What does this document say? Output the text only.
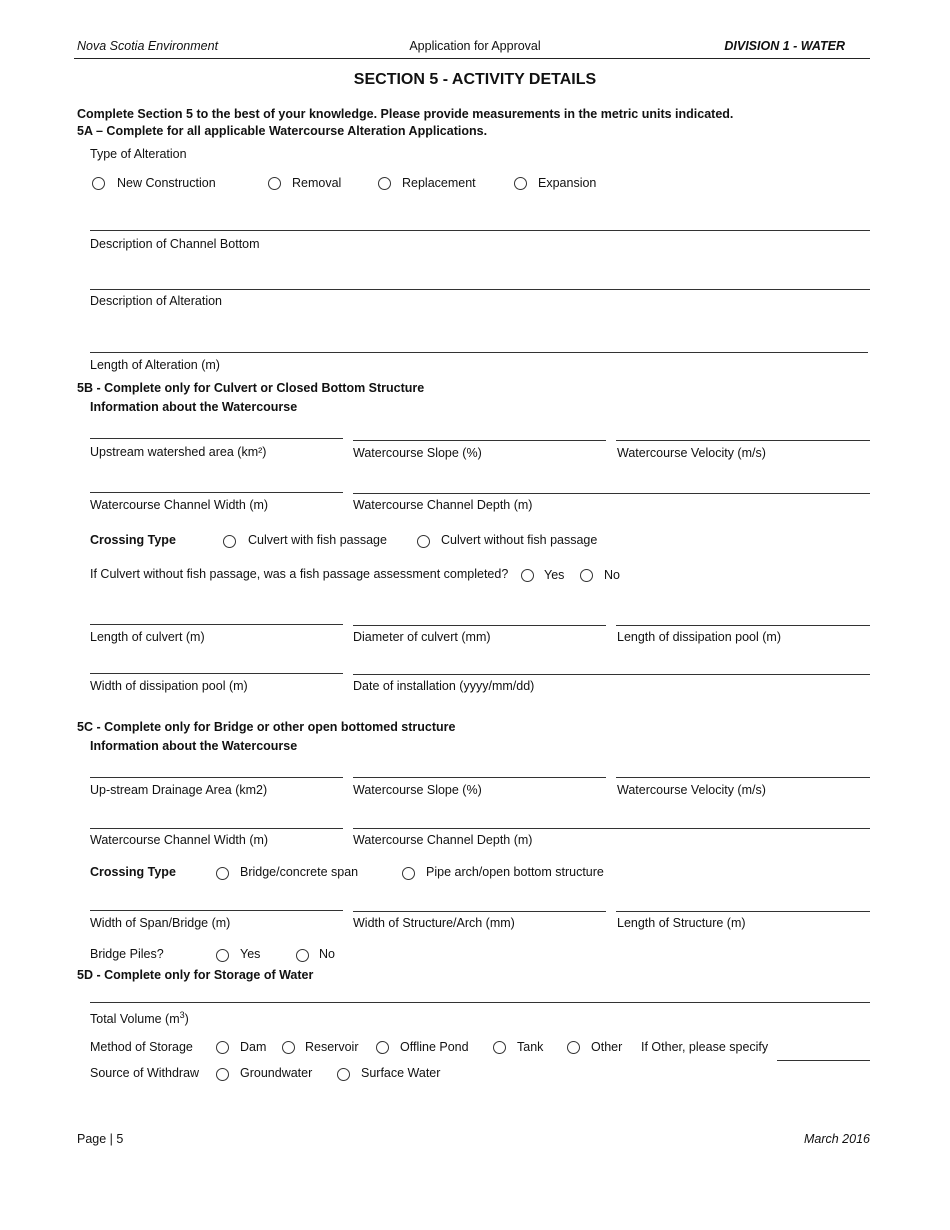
Nova Scotia Environment	Application for Approval	DIVISION 1 - WATER
SECTION 5 - ACTIVITY DETAILS
Complete Section 5 to the best of your knowledge. Please provide measurements in the metric units indicated.
5A – Complete for all applicable Watercourse Alteration Applications.
Type of Alteration
New Construction	Removal	Replacement	Expansion
Description of Channel Bottom
Description of Alteration
Length of Alteration (m)
5B - Complete only for Culvert or Closed Bottom Structure
Information about the Watercourse
Upstream watershed area (km²)	Watercourse Slope (%)	Watercourse Velocity (m/s)
Watercourse Channel Width (m)	Watercourse Channel Depth (m)
Crossing Type	Culvert with fish passage	Culvert without fish passage
If Culvert without fish passage, was a fish passage assessment completed?	Yes	No
Length of culvert (m)	Diameter of culvert (mm)	Length of dissipation pool (m)
Width of dissipation pool (m)	Date of installation (yyyy/mm/dd)
5C - Complete only for Bridge or other open bottomed structure
Information about the Watercourse
Up-stream Drainage Area (km2)	Watercourse Slope (%)	Watercourse Velocity (m/s)
Watercourse Channel Width (m)	Watercourse Channel Depth (m)
Crossing Type	Bridge/concrete span	Pipe arch/open bottom structure
Width of Span/Bridge (m)	Width of Structure/Arch (mm)	Length of Structure (m)
Bridge Piles?	Yes	No
5D - Complete only for Storage of Water
Total Volume $(m^3)$
Method of Storage	Dam	Reservoir	Offline Pond	Tank	Other If Other, please specify
Source of Withdraw	Groundwater	Surface Water
Page | 5	March 2016
